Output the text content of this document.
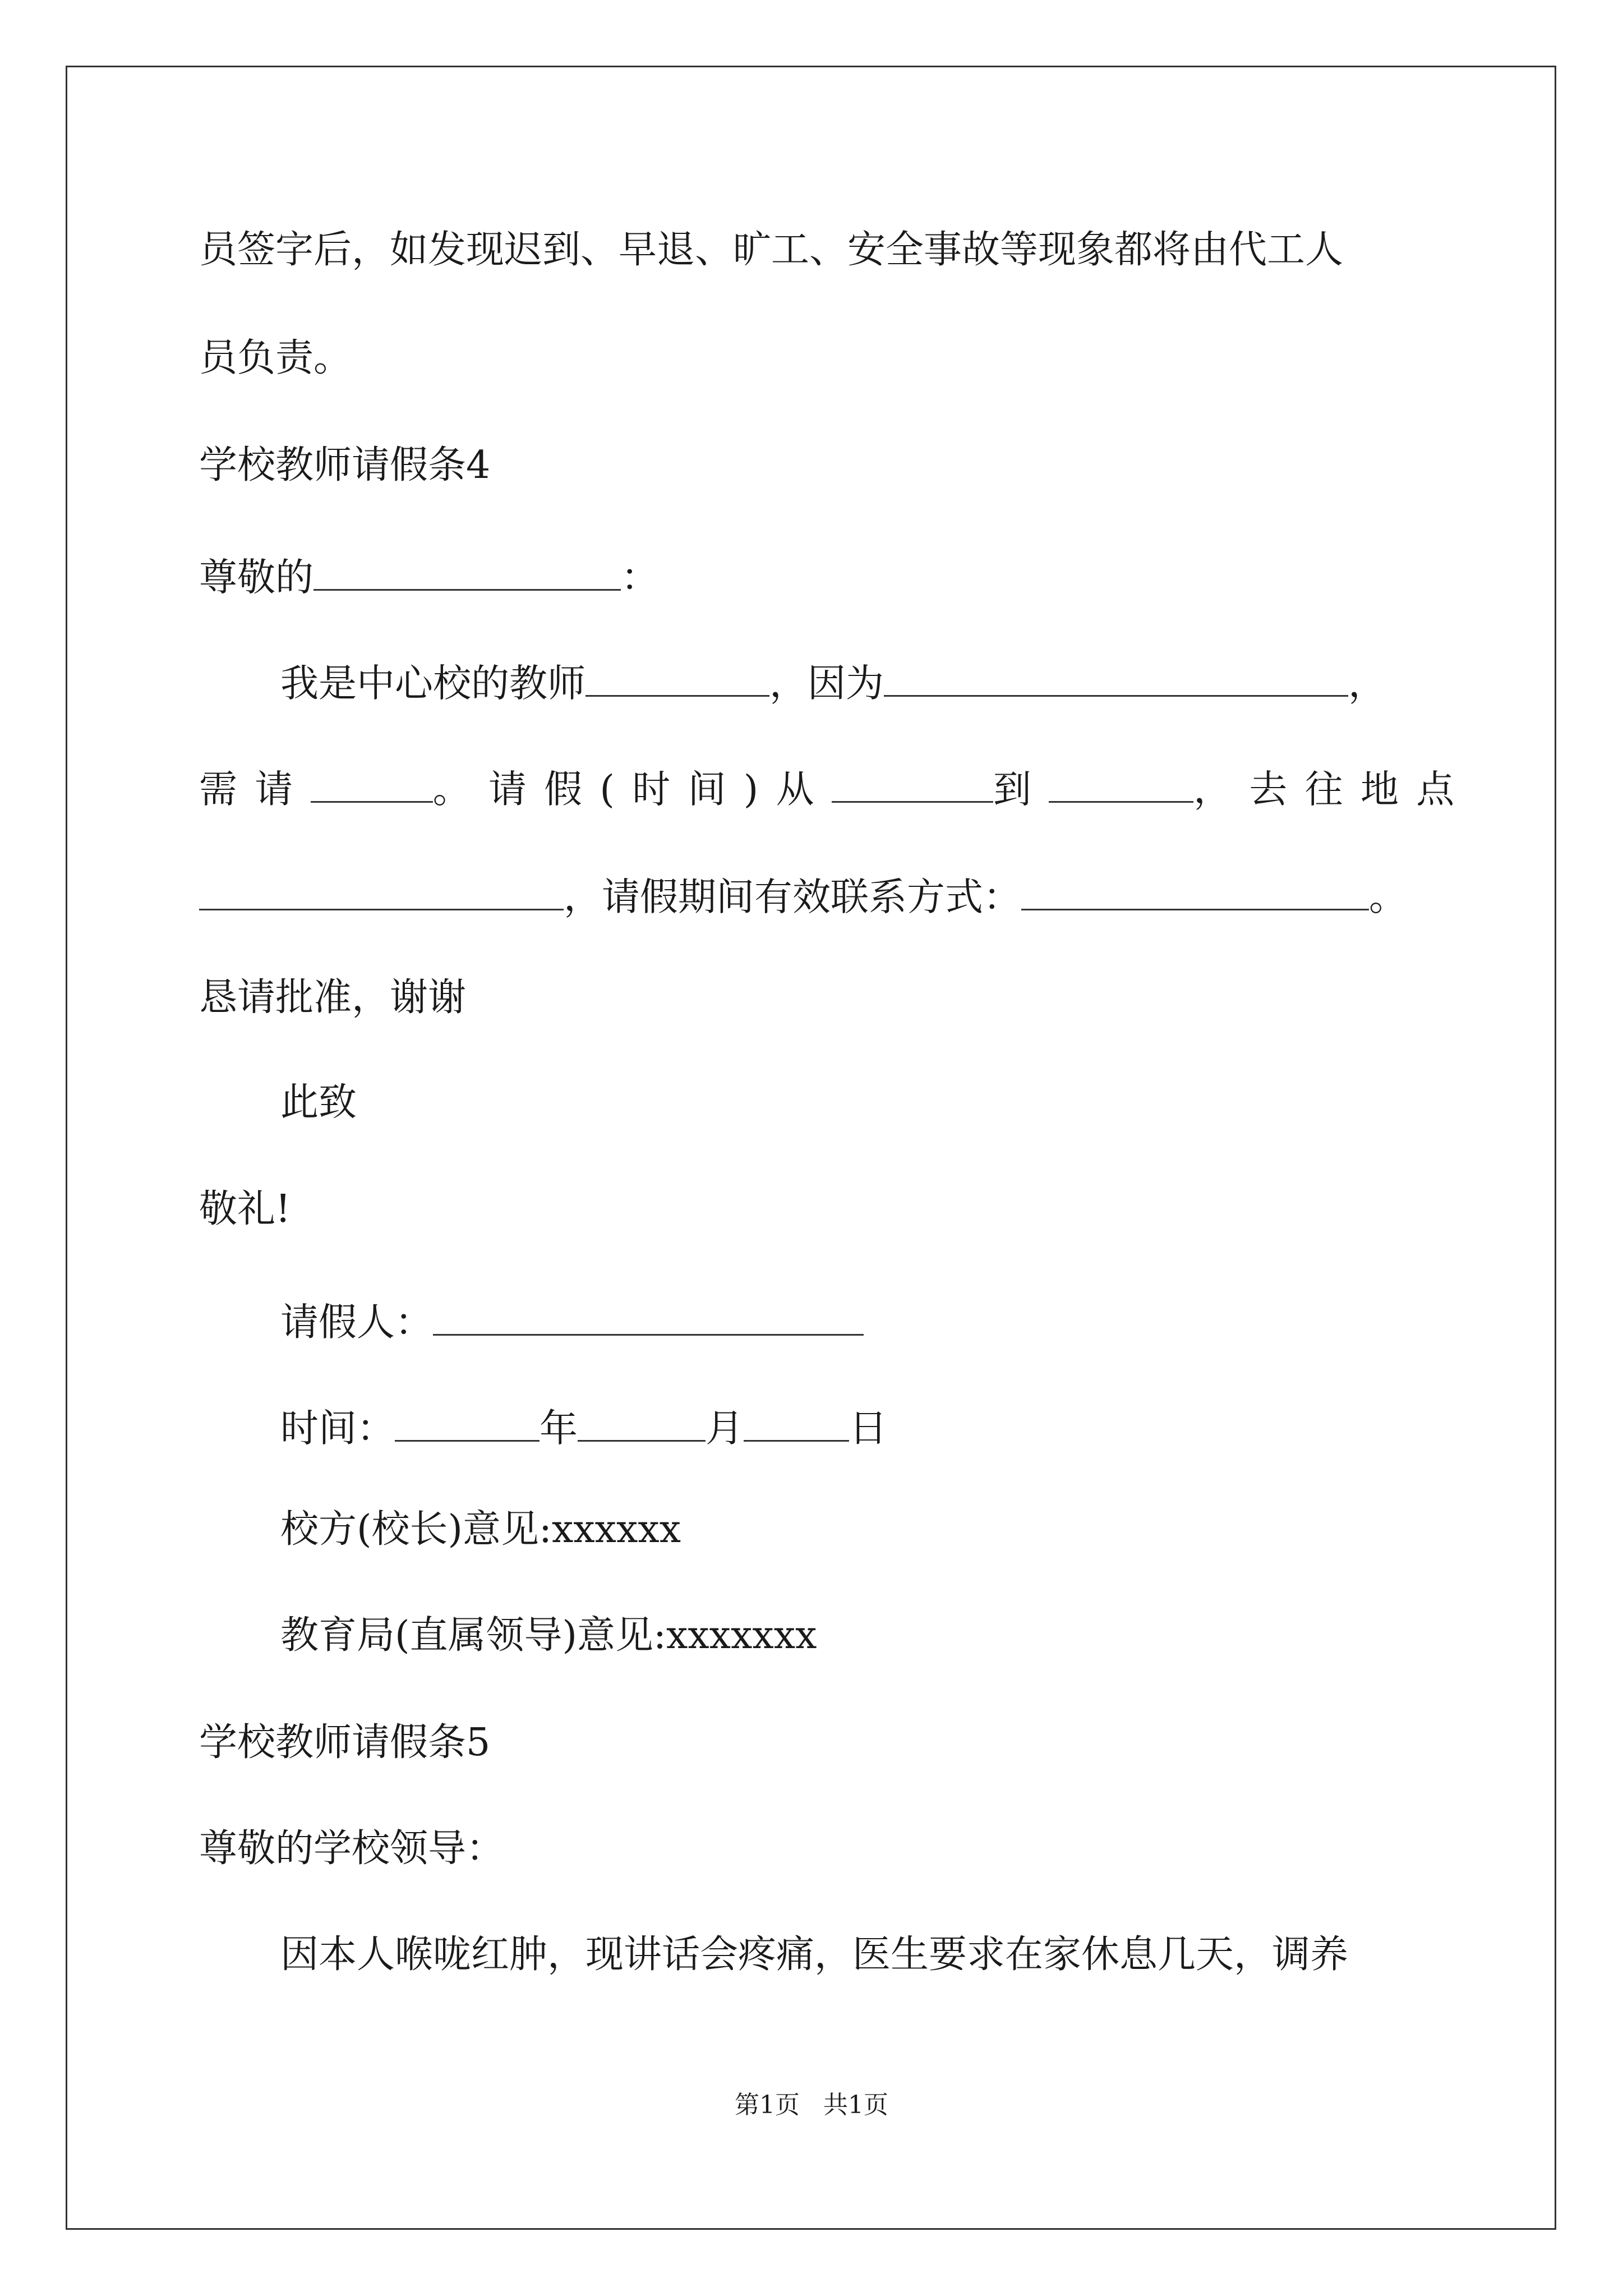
员签字后，如发现迟到、早退、旷工、安全事故等现象都将由代工人
员负责。
学校教师请假条4
尊敬的	：
我是中心校的教师	，因为	，
需请	。请假(时间)从	到	，去往地点
，请假期间有效联系方式：	。
恳请批准，谢谢
此致
敬礼!
请假人：
时间：	年	月	日
校方(校长)意见:xxxxxx
教育局(直属领导)意见:xxxxxxx
学校教师请假条5
尊敬的学校领导：
因本人喉咙红肿，现讲话会疼痛，医生要求在家休息几天，调养
第1页 共1页
